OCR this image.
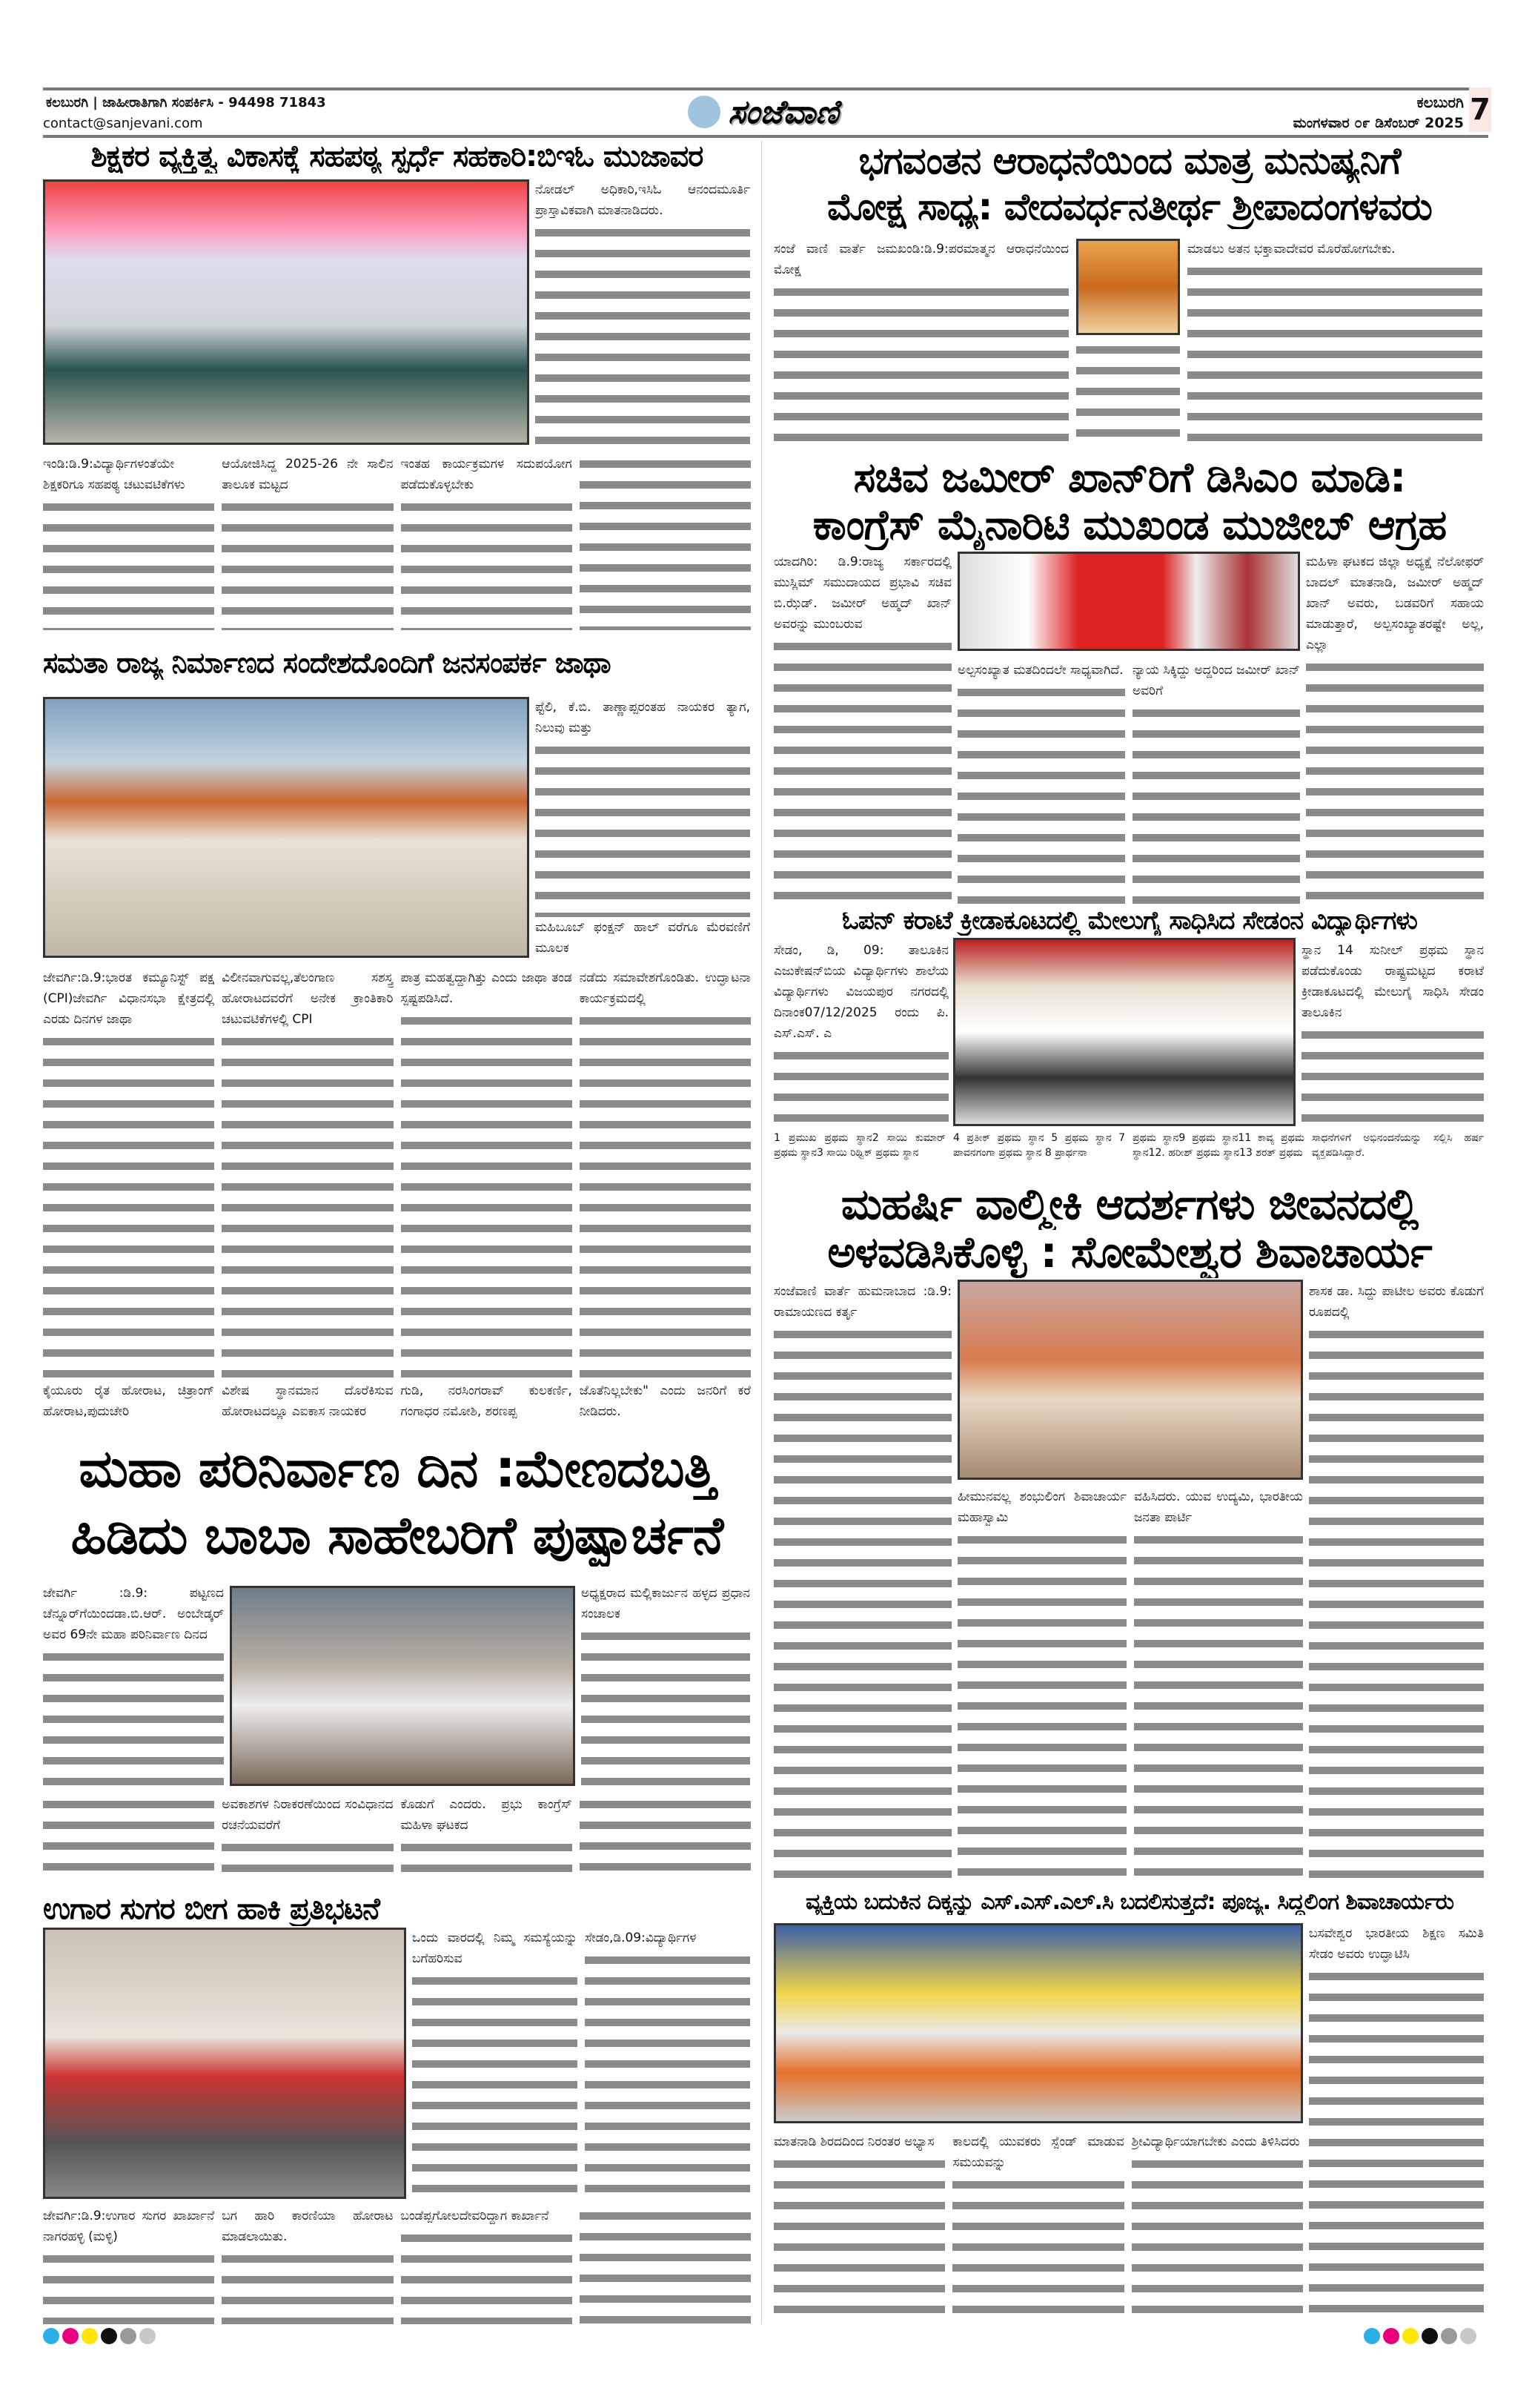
ಕಲಬುರಗಿ | ಜಾಹೀರಾತಿಗಾಗಿ ಸಂಪರ್ಕಿಸಿ - 94498 71843
contact@sanjevani.com	ಸಂಜೆವಾಣಿ	ಕಲಬುರಗಿ
ಮಂಗಳವಾರ ೦೯ ಡಿಸೆಂಬರ್ 2025 7
ಶಿಕ್ಷಕರ ವ್ಯಕ್ತಿತ್ವ ವಿಕಾಸಕ್ಕೆ ಸಹಪಠ್ಯ ಸ್ಪರ್ಧೆ ಸಹಕಾರಿ:ಬಿಇಓ ಮುಜಾವರ

ನೋಡಲ್ ಅಧಿಕಾರಿ,ಇಸಿಓ ಆನಂದಮೂರ್ತಿ ಪ್ರಾಸ್ತಾವಿಕವಾಗಿ ಮಾತನಾಡಿದರು.

ಇಂಡಿ:ಡಿ.9:ವಿದ್ಯಾರ್ಥಿಗಳಂತೆಯೇ ಶಿಕ್ಷಕರಿಗೂ ಸಹಪಠ್ಯ ಚಟುವಟಿಕೆಗಳು

ಆಯೋಜಿಸಿದ್ದ 2025-26 ನೇ ಸಾಲಿನ ತಾಲೂಕ ಮಟ್ಟದ

ಇಂತಹ ಕಾರ್ಯಕ್ರಮಗಳ ಸದುಪಯೋಗ ಪಡೆದುಕೊಳ್ಳಬೇಕು

ಸಮತಾ ರಾಜ್ಯ ನಿರ್ಮಾಣದ ಸಂದೇಶದೊಂದಿಗೆ ಜನಸಂಪರ್ಕ ಜಾಥಾ

ಪ್ಟೆಲಿ, ಕೆ.ಬಿ. ತಾಣ್ಣಾಪ್ಪರಂತಹ ನಾಯಕರ ತ್ಯಾಗ, ನಿಲುವು ಮತ್ತು

ಮಹಿಬೂಬ್ ಫಂಕ್ಷನ್ ಹಾಲ್ ವರೆಗೂ ಮೆರವಣಿಗೆ ಮೂಲಕ

ಜೇವರ್ಗಿ:ಡಿ.9:ಭಾರತ ಕಮ್ಯೂನಿಸ್ಟ್ ಪಕ್ಷ (CPI)ಜೇವರ್ಗಿ ವಿಧಾನಸಭಾ ಕ್ಷೇತ್ರದಲ್ಲಿ ಎರಡು ದಿನಗಳ ಜಾಥಾ

ಕೈಯೂರು ರೈತ ಹೋರಾಟ, ಚಿತ್ರಾಂಗ್ ಹೋರಾಟ,ಪುದುಚೇರಿ

ವಿಲೀನವಾಗುವಲ್ಲ,ತೆಲಂಗಾಣ ಸಶಸ್ತ್ರ ಹೋರಾಟದವರೆಗೆ ಅನೇಕ ಕ್ರಾಂತಿಕಾರಿ ಚಟುವಟಿಕೆಗಳಲ್ಲಿ CPI

ವಿಶೇಷ ಸ್ಥಾನಮಾನ ದೊರೆಕಿಸುವ ಹೋರಾಟದಲ್ಲೂ ಎಐಕಾಸ ನಾಯಕರ

ಪಾತ್ರ ಮಹತ್ವದ್ದಾಗಿತ್ತು ಎಂದು ಜಾಥಾ ತಂಡ ಸ್ಪಷ್ಟಪಡಿಸಿದೆ.

ಗುಡಿ, ನರಸಿಂಗರಾವ್ ಕುಲಕರ್ಣಿ, ಗಂಗಾಧರ ನಮೋಶಿ, ಶರಣಪ್ಪ

ನಡೆದು ಸಮಾವೇಶಗೊಂಡಿತು. ಉದ್ಘಾಟನಾ ಕಾರ್ಯಕ್ರಮದಲ್ಲಿ

ಜೊತೆನಿಲ್ಲಬೇಕು" ಎಂದು ಜನರಿಗೆ ಕರೆ ನೀಡಿದರು.

ಮಹಾ ಪರಿನಿರ್ವಾಣ ದಿನ :ಮೇಣದಬತ್ತಿ
ಹಿಡಿದು ಬಾಬಾ ಸಾಹೇಬರಿಗೆ ಪುಷ್ಪಾರ್ಚನೆ

ಜೇವರ್ಗಿ :ಡಿ.9: ಪಟ್ಟಣದ ಚೆನ್ನೂರ್‌ಗೆಯಿಂದಡಾ.ಬಿ.ಆರ್. ಅಂಬೇಡ್ಕರ್ ಅವರ 69ನೇ ಮಹಾ ಪರಿನಿರ್ವಾಣ ದಿನದ

ಅಧ್ಯಕ್ಷರಾದ ಮಲ್ಲಿಕಾರ್ಜುನ ಹಳ್ಳದ ಪ್ರಧಾನ ಸಂಚಾಲಕ

ಅವಕಾಶಗಳ ನಿರಾಕರಣೆಯಿಂದ ಸಂವಿಧಾನದ ರಚನೆಯವರೆಗೆ

ಕೊಡುಗೆ ಎಂದರು. ಪ್ರಭು ಕಾಂಗ್ರೆಸ್ ಮಹಿಳಾ ಘಟಕದ

ಉಗಾರ ಸುಗರ ಬೀಗ ಹಾಕಿ ಪ್ರತಿಭಟನೆ

ಒಂದು ವಾರದಲ್ಲಿ ನಿಮ್ಮ ಸಮಸ್ಯೆಯನ್ನು ಬಗೆಹರಿಸುವ

ಸೇಡಂ,ಡಿ.09:ವಿದ್ಯಾರ್ಥಿಗಳ

ಜೇವರ್ಗಿ:ಡಿ.9:ಉಗಾರ ಸುಗರ ಖಾರ್ಖಾನೆ ನಾಗರಹಳ್ಳಿ (ಮಳ್ಳಿ)

ಬಗ ಹಾರಿ ಕಾರಣಿಯಾ ಹೋರಾಟ ಮಾಡಲಾಯಿತು.

ಬಂಡೆಪ್ಪಗೋಲದೇವರಿದ್ದಾಗ ಕಾರ್ಖಾನೆ

ಭಗವಂತನ ಆರಾಧನೆಯಿಂದ ಮಾತ್ರ ಮನುಷ್ಯನಿಗೆ
ಮೋಕ್ಷ ಸಾಧ್ಯ: ವೇದವರ್ಧನತೀರ್ಥ ಶ್ರೀಪಾದಂಗಳವರು

ಸಂಜೆ ವಾಣಿ ವಾರ್ತೆ ಜಮಖಂಡಿ:ಡಿ.9:ಪರಮಾತ್ಮನ ಆರಾಧನೆಯಿಂದ ಮೋಕ್ಷ

ಮಾಡಲು ಅತನ ಭಕ್ತಾವಾದೇವರ ಮೊರೆಹೋಗಬೇಕು.

ಸಚಿವ ಜಮೀರ್ ಖಾನ್‌ರಿಗೆ ಡಿಸಿಎಂ ಮಾಡಿ:
ಕಾಂಗ್ರೆಸ್ ಮೈನಾರಿಟಿ ಮುಖಂಡ ಮುಜೀಬ್ ಆಗ್ರಹ

ಯಾದಗಿರಿ: ಡಿ.9:ರಾಜ್ಯ ಸರ್ಕಾರದಲ್ಲಿ ಮುಸ್ಲಿಮ್ ಸಮುದಾಯದ ಪ್ರಭಾವಿ ಸಚಿವ ಬಿ.ಝೆಡ್. ಜಮೀರ್ ಅಹ್ಮದ್ ಖಾನ್ ಅವರನ್ನು ಮುಂಬರುವ

ಅಲ್ಪಸಂಖ್ಯಾತ ಮತದಿಂದಲೇ ಸಾಧ್ಯವಾಗಿದೆ. ನ್ಯಾಯ ಸಿಕ್ಕಿದ್ದು ಅದ್ದರಿಂದ ಜಮೀರ್ ಖಾನ್ ಅವರಿಗೆ

ಮಹಿಳಾ ಘಟಕದ ಜಿಲ್ಲಾ ಅಧ್ಯಕ್ಷೆ ನೆಲೋಫರ್ ಬಾದಲ್ ಮಾತನಾಡಿ, ಜಮೀರ್ ಅಹ್ಮದ್ ಖಾನ್ ಅವರು, ಬಡವರಿಗೆ ಸಹಾಯ ಮಾಡುತ್ತಾರೆ, ಅಲ್ಪಸಂಖ್ಯಾತರಷ್ಟೇ ಅಲ್ಲ, ಎಲ್ಲಾ

ಓಪನ್ ಕರಾಟೆ ಕ್ರೀಡಾಕೂಟದಲ್ಲಿ ಮೇಲುಗೈ ಸಾಧಿಸಿದ ಸೇಡಂನ ವಿದ್ಯಾರ್ಥಿಗಳು

ಸೇಡಂ, ಡಿ, 09: ತಾಲೂಕಿನ ಎಜುಕೇಷನ್‌ಬಿಯ ವಿದ್ಯಾರ್ಥಿಗಳು ಶಾಲೆಯ ವಿದ್ಯಾರ್ಥಿಗಳು ವಿಜಯಪುರ ನಗರದಲ್ಲಿ ದಿನಾಂಕ07/12/2025 ರಂದು ಪಿ. ಎಸ್.ಎಸ್. ಎ

ಸ್ಥಾನ 14 ಸುನೀಲ್ ಪ್ರಥಮ ಸ್ಥಾನ ಪಡೆದುಕೊಂಡು ರಾಷ್ಟ್ರಮಟ್ಟದ ಕರಾಟೆ ಕ್ರೀಡಾಕೂಟದಲ್ಲಿ ಮೇಲುಗೈ ಸಾಧಿಸಿ ಸೇಡಂ ತಾಲೂಕಿನ

1 ಪ್ರಮುಖ ಪ್ರಥಮ ಸ್ಥಾನ2 ಸಾಯಿ ಕುಮಾರ್ ಪ್ರಥಮ ಸ್ಥಾನ3 ಸಾಯಿ ರಿಥ್ವಿಕ್ ಪ್ರಥಮ ಸ್ಥಾನ

4 ಪ್ರತೀಕ್ ಪ್ರಥಮ ಸ್ಥಾನ 5 ಪ್ರಥಮ ಸ್ಥಾನ 7 ಪಾವನಗಂಗಾ ಪ್ರಥಮ ಸ್ಥಾನ 8 ಪ್ರಾರ್ಥನಾ

ಪ್ರಥಮ ಸ್ಥಾನ9 ಪ್ರಥಮ ಸ್ಥಾನ11 ಕಾವ್ಯ ಪ್ರಥಮ ಸ್ಥಾನ12. ಹರೀಶ್ ಪ್ರಥಮ ಸ್ಥಾನ13 ಶರತ್ ಪ್ರಥಮ

ಸಾಧನೆಗಳಿಗೆ ಅಭಿನಂದನೆಯನ್ನು ಸಲ್ಲಿಸಿ ಹರ್ಷ ವ್ಯಕ್ತಪಡಿಸಿದ್ದಾರೆ.

ಮಹರ್ಷಿ ವಾಲ್ಮೀಕಿ ಆದರ್ಶಗಳು ಜೀವನದಲ್ಲಿ
ಅಳವಡಿಸಿಕೊಳ್ಳಿ : ಸೋಮೇಶ್ವರ ಶಿವಾಚಾರ್ಯ

ಸಂಜೆವಾಣಿ ವಾರ್ತೆ ಹುಮನಾಬಾದ :ಡಿ.9: ರಾಮಾಯಣದ ಕರ್ತೃ

ಹೀಮುನವಲ್ಲ ಶಂಭುಲಿಂಗ ಶಿವಾಚಾರ್ಯ ಮಹಾಸ್ವಾಮಿ

ವಹಿಸಿದರು. ಯುವ ಉದ್ಯಮಿ, ಭಾರತೀಯ ಜನತಾ ಪಾರ್ಟಿ

ಶಾಸಕ ಡಾ. ಸಿದ್ದು ಪಾಟೀಲ ಅವರು ಕೊಡುಗೆ ರೂಪದಲ್ಲಿ

ವ್ಯಕ್ತಿಯ ಬದುಕಿನ ದಿಕ್ಕನ್ನು ಎಸ್.ಎಸ್.ಎಲ್.ಸಿ ಬದಲಿಸುತ್ತದೆ: ಪೂಜ್ಯ. ಸಿದ್ದಲಿಂಗ ಶಿವಾಚಾರ್ಯರು

ಬಸವೇಶ್ವರ ಭಾರತೀಯ ಶಿಕ್ಷಣ ಸಮಿತಿ ಸೇಡಂ ಅವರು ಉದ್ಘಾಟಿಸಿ

ಮಾತನಾಡಿ ಶಿರದದಿಂದ ನಿರಂತರ ಅಭ್ಯಾಸ	ಕಾಲದಲ್ಲಿ ಯುವಕರು ಸ್ಪೆಂಡ್ ಮಾಡುವ ಸಮಯವನ್ನು

ಶ್ರೀವಿದ್ಯಾರ್ಥಿಯಾಗಬೇಕು ಎಂದು ತಿಳಿಸಿದರು
